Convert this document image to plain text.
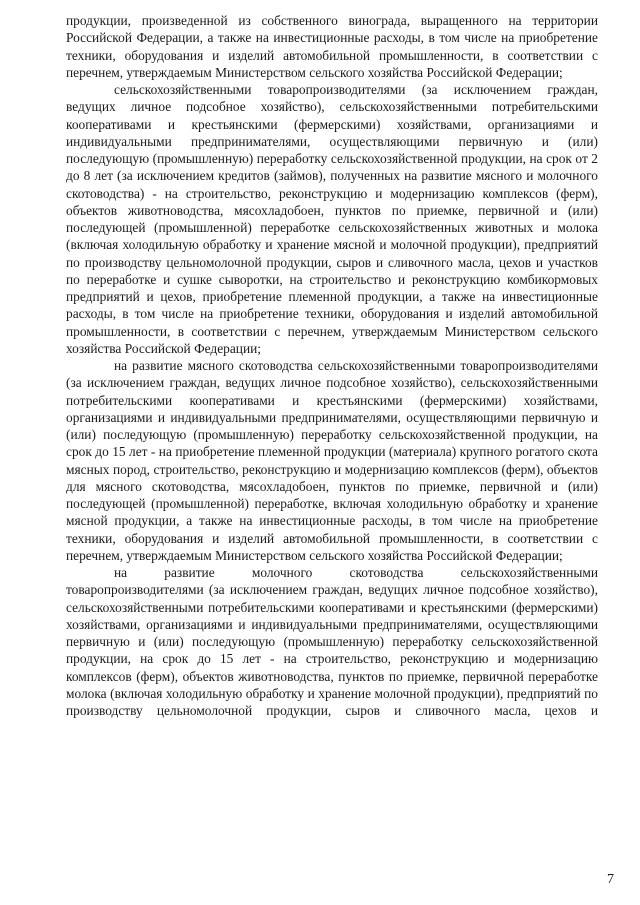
продукции, произведенной из собственного винограда, выращенного на территории Российской Федерации, а также на инвестиционные расходы, в том числе на приобретение техники, оборудования и изделий автомобильной промышленности, в соответствии с перечнем, утверждаемым Министерством сельского хозяйства Российской Федерации;

сельскохозяйственными товаропроизводителями (за исключением граждан, ведущих личное подсобное хозяйство), сельскохозяйственными потребительскими кооперативами и крестьянскими (фермерскими) хозяйствами, организациями и индивидуальными предпринимателями, осуществляющими первичную и (или) последующую (промышленную) переработку сельскохозяйственной продукции, на срок от 2 до 8 лет (за исключением кредитов (займов), полученных на развитие мясного и молочного скотоводства) - на строительство, реконструкцию и модернизацию комплексов (ферм), объектов животноводства, мясохладобоен, пунктов по приемке, первичной и (или) последующей (промышленной) переработке сельскохозяйственных животных и молока (включая холодильную обработку и хранение мясной и молочной продукции), предприятий по производству цельномолочной продукции, сыров и сливочного масла, цехов и участков по переработке и сушке сыворотки, на строительство и реконструкцию комбикормовых предприятий и цехов, приобретение племенной продукции, а также на инвестиционные расходы, в том числе на приобретение техники, оборудования и изделий автомобильной промышленности, в соответствии с перечнем, утверждаемым Министерством сельского хозяйства Российской Федерации;

на развитие мясного скотоводства сельскохозяйственными товаропроизводителями (за исключением граждан, ведущих личное подсобное хозяйство), сельскохозяйственными потребительскими кооперативами и крестьянскими (фермерскими) хозяйствами, организациями и индивидуальными предпринимателями, осуществляющими первичную и (или) последующую (промышленную) переработку сельскохозяйственной продукции, на срок до 15 лет - на приобретение племенной продукции (материала) крупного рогатого скота мясных пород, строительство, реконструкцию и модернизацию комплексов (ферм), объектов для мясного скотоводства, мясохладобоен, пунктов по приемке, первичной и (или) последующей (промышленной) переработке, включая холодильную обработку и хранение мясной продукции, а также на инвестиционные расходы, в том числе на приобретение техники, оборудования и изделий автомобильной промышленности, в соответствии с перечнем, утверждаемым Министерством сельского хозяйства Российской Федерации;

на развитие молочного скотоводства сельскохозяйственными товаропроизводителями (за исключением граждан, ведущих личное подсобное хозяйство), сельскохозяйственными потребительскими кооперативами и крестьянскими (фермерскими) хозяйствами, организациями и индивидуальными предпринимателями, осуществляющими первичную и (или) последующую (промышленную) переработку сельскохозяйственной продукции, на срок до 15 лет - на строительство, реконструкцию и модернизацию комплексов (ферм), объектов животноводства, пунктов по приемке, первичной переработке молока (включая холодильную обработку и хранение молочной продукции), предприятий по производству цельномолочной продукции, сыров и сливочного масла, цехов и

7
